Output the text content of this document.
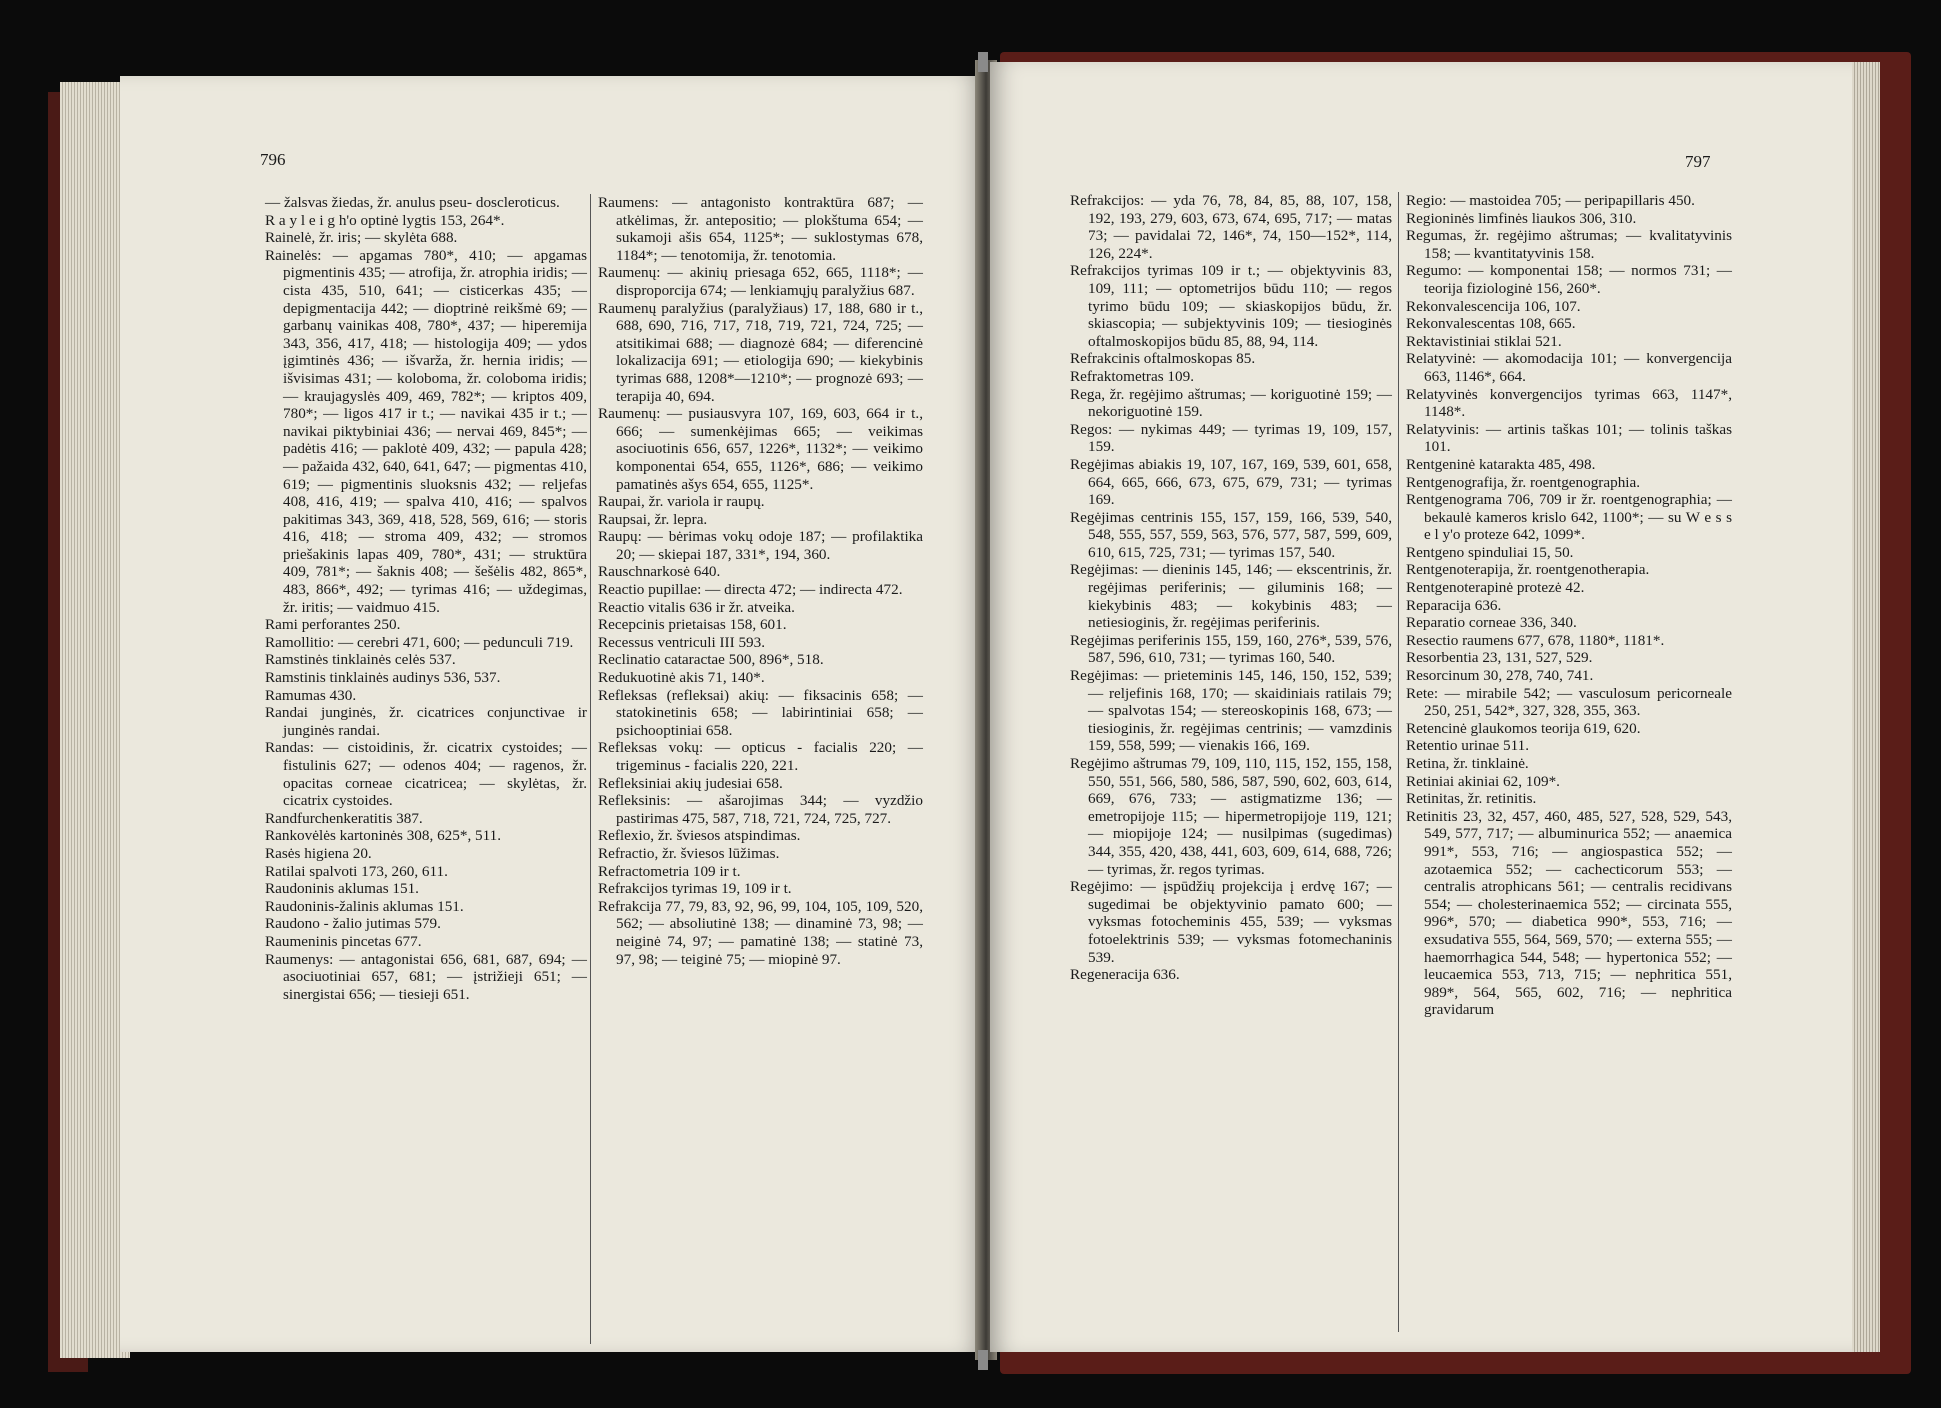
796

— žalsvas žiedas, žr. anulus pseu- doscleroticus.

R a y l e i g h'o optinė lygtis 153, 264*.

Rainelė, žr. iris; — skylėta 688.

Rainelės: — apgamas 780*, 410; — apgamas pigmentinis 435; — atrofija, žr. atrophia iridis; — cista 435, 510, 641; — cisticerkas 435; — depigmentacija 442; — dioptrinė reikšmė 69; — garbanų vainikas 408, 780*, 437; — hiperemija 343, 356, 417, 418; — histologija 409; — ydos įgimtinės 436; — išvarža, žr. hernia iridis; — išvisimas 431; — koloboma, žr. coloboma iridis; — kraujagyslės 409, 469, 782*; — kriptos 409, 780*; — ligos 417 ir t.; — navikai 435 ir t.; — navikai piktybiniai 436; — nervai 469, 845*; — padėtis 416; — paklotė 409, 432; — papula 428; — pažaida 432, 640, 641, 647; — pigmentas 410, 619; — pigmentinis sluoksnis 432; — reljefas 408, 416, 419; — spalva 410, 416; — spalvos pakitimas 343, 369, 418, 528, 569, 616; — storis 416, 418; — stroma 409, 432; — stromos priešakinis lapas 409, 780*, 431; — struktūra 409, 781*; — šaknis 408; — šešėlis 482, 865*, 483, 866*, 492; — tyrimas 416; — uždegimas, žr. iritis; — vaidmuo 415.

Rami perforantes 250.

Ramollitio: — cerebri 471, 600; — pedunculi 719.

Ramstinės tinklainės celės 537.

Ramstinis tinklainės audinys 536, 537.

Ramumas 430.

Randai junginės, žr. cicatrices conjunctivae ir junginės randai.

Randas: — cistoidinis, žr. cicatrix cystoides; — fistulinis 627; — odenos 404; — ragenos, žr. opacitas corneae cicatricea; — skylėtas, žr. cicatrix cystoides.

Randfurchenkeratitis 387.

Rankovėlės kartoninės 308, 625*, 511.

Rasės higiena 20.

Ratilai spalvoti 173, 260, 611.

Raudoninis aklumas 151.

Raudoninis-žalinis aklumas 151.

Raudono - žalio jutimas 579.

Raumeninis pincetas 677.

Raumenys: — antagonistai 656, 681, 687, 694; — asociuotiniai 657, 681; — įstrižieji 651; — sinergistai 656; — tiesieji 651.

Raumens: — antagonisto kontraktūra 687; — atkėlimas, žr. antepositio; — plokštuma 654; — sukamoji ašis 654, 1125*; — suklostymas 678, 1184*; — tenotomija, žr. tenotomia.

Raumenų: — akinių priesaga 652, 665, 1118*; — disproporcija 674; — lenkiamųjų paralyžius 687.

Raumenų paralyžius (paralyžiaus) 17, 188, 680 ir t., 688, 690, 716, 717, 718, 719, 721, 724, 725; — atsitikimai 688; — diagnozė 684; — diferencinė lokalizacija 691; — etiologija 690; — kiekybinis tyrimas 688, 1208*—1210*; — prognozė 693; — terapija 40, 694.

Raumenų: — pusiausvyra 107, 169, 603, 664 ir t., 666; — sumenkėjimas 665; — veikimas asociuotinis 656, 657, 1226*, 1132*; — veikimo komponentai 654, 655, 1126*, 686; — veikimo pamatinės ašys 654, 655, 1125*.

Raupai, žr. variola ir raupų.

Raupsai, žr. lepra.

Raupų: — bėrimas vokų odoje 187; — profilaktika 20; — skiepai 187, 331*, 194, 360.

Rauschnarkosė 640.

Reactio pupillae: — directa 472; — indirecta 472.

Reactio vitalis 636 ir žr. atveika.

Recepcinis prietaisas 158, 601.

Recessus ventriculi III 593.

Reclinatio cataractae 500, 896*, 518.

Redukuotinė akis 71, 140*.

Refleksas (refleksai) akių: — fiksacinis 658; — statokinetinis 658; — labirintiniai 658; — psichooptiniai 658.

Refleksas vokų: — opticus - facialis 220; — trigeminus - facialis 220, 221.

Refleksiniai akių judesiai 658.

Refleksinis: — ašarojimas 344; — vyzdžio pastirimas 475, 587, 718, 721, 724, 725, 727.

Reflexio, žr. šviesos atspindimas.

Refractio, žr. šviesos lūžimas.

Refractometria 109 ir t.

Refrakcijos tyrimas 19, 109 ir t.

Refrakcija 77, 79, 83, 92, 96, 99, 104, 105, 109, 520, 562; — absoliutinė 138; — dinaminė 73, 98; — neiginė 74, 97; — pamatinė 138; — statinė 73, 97, 98; — teiginė 75; — miopinė 97.

797

Refrakcijos: — yda 76, 78, 84, 85, 88, 107, 158, 192, 193, 279, 603, 673, 674, 695, 717; — matas 73; — pavidalai 72, 146*, 74, 150—152*, 114, 126, 224*.

Refrakcijos tyrimas 109 ir t.; — objektyvinis 83, 109, 111; — optometrijos būdu 110; — regos tyrimo būdu 109; — skiaskopijos būdu, žr. skiascopia; — subjektyvinis 109; — tiesioginės oftalmoskopijos būdu 85, 88, 94, 114.

Refrakcinis oftalmoskopas 85.

Refraktometras 109.

Rega, žr. regėjimo aštrumas; — koriguotinė 159; — nekoriguotinė 159.

Regos: — nykimas 449; — tyrimas 19, 109, 157, 159.

Regėjimas abiakis 19, 107, 167, 169, 539, 601, 658, 664, 665, 666, 673, 675, 679, 731; — tyrimas 169.

Regėjimas centrinis 155, 157, 159, 166, 539, 540, 548, 555, 557, 559, 563, 576, 577, 587, 599, 609, 610, 615, 725, 731; — tyrimas 157, 540.

Regėjimas: — dieninis 145, 146; — ekscentrinis, žr. regėjimas periferinis; — giluminis 168; — kiekybinis 483; — kokybinis 483; — netiesioginis, žr. regėjimas periferinis.

Regėjimas periferinis 155, 159, 160, 276*, 539, 576, 587, 596, 610, 731; — tyrimas 160, 540.

Regėjimas: — prieteminis 145, 146, 150, 152, 539; — reljefinis 168, 170; — skaidiniais ratilais 79; — spalvotas 154; — stereoskopinis 168, 673; — tiesioginis, žr. regėjimas centrinis; — vamzdinis 159, 558, 599; — vienakis 166, 169.

Regėjimo aštrumas 79, 109, 110, 115, 152, 155, 158, 550, 551, 566, 580, 586, 587, 590, 602, 603, 614, 669, 676, 733; — astigmatizme 136; — emetropijoje 115; — hipermetropijoje 119, 121; — miopijoje 124; — nusilpimas (sugedimas) 344, 355, 420, 438, 441, 603, 609, 614, 688, 726; — tyrimas, žr. regos tyrimas.

Regėjimo: — įspūdžių projekcija į erdvę 167; — sugedimai be objektyvinio pamato 600; — vyksmas fotocheminis 455, 539; — vyksmas fotoelektrinis 539; — vyksmas fotomechaninis 539.

Regeneracija 636.

Regio: — mastoidea 705; — peripapillaris 450.

Regioninės limfinės liaukos 306, 310.

Regumas, žr. regėjimo aštrumas; — kvalitatyvinis 158; — kvantitatyvinis 158.

Regumo: — komponentai 158; — normos 731; — teorija fiziologinė 156, 260*.

Rekonvalescencija 106, 107.

Rekonvalescentas 108, 665.

Rektavistiniai stiklai 521.

Relatyvinė: — akomodacija 101; — konvergencija 663, 1146*, 664.

Relatyvinės konvergencijos tyrimas 663, 1147*, 1148*.

Relatyvinis: — artinis taškas 101; — tolinis taškas 101.

Rentgeninė katarakta 485, 498.

Rentgenografija, žr. roentgenographia.

Rentgenograma 706, 709 ir žr. roentgenographia; — bekaulė kameros krislo 642, 1100*; — su W e s s e l y'o proteze 642, 1099*.

Rentgeno spinduliai 15, 50.

Rentgenoterapija, žr. roentgenotherapia.

Rentgenoterapinė protezė 42.

Reparacija 636.

Reparatio corneae 336, 340.

Resectio raumens 677, 678, 1180*, 1181*.

Resorbentia 23, 131, 527, 529.

Resorcinum 30, 278, 740, 741.

Rete: — mirabile 542; — vasculosum pericorneale 250, 251, 542*, 327, 328, 355, 363.

Retencinė glaukomos teorija 619, 620.

Retentio urinae 511.

Retina, žr. tinklainė.

Retiniai akiniai 62, 109*.

Retinitas, žr. retinitis.

Retinitis 23, 32, 457, 460, 485, 527, 528, 529, 543, 549, 577, 717; — albuminurica 552; — anaemica 991*, 553, 716; — angiospastica 552; — azotaemica 552; — cachecticorum 553; — centralis atrophicans 561; — centralis recidivans 554; — cholesterinaemica 552; — circinata 555, 996*, 570; — diabetica 990*, 553, 716; — exsudativa 555, 564, 569, 570; — externa 555; — haemorrhagica 544, 548; — hypertonica 552; — leucaemica 553, 713, 715; — nephritica 551, 989*, 564, 565, 602, 716; — nephritica gravidarum
